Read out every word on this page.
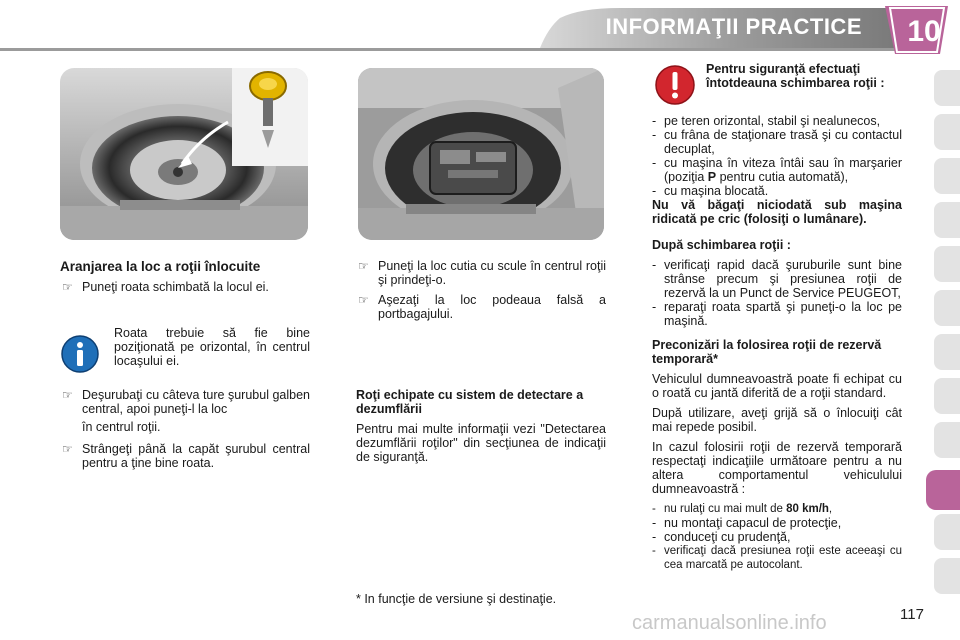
INFORMAŢII PRACTICE 10

Aranjarea la loc a roţii înlocuite

☞ Puneţi roata schimbată la locul ei.

Roata trebuie să fie bine poziţionată pe orizontal, în centrul locaşului ei.

☞ Deşurubaţi cu câteva ture şurubul galben central, apoi puneţi-l la loc
în centrul roţii.
☞ Strângeţi până la capăt şurubul central pentru a ţine bine roata.
☞ Puneţi la loc cutia cu scule în centrul roţii şi prindeţi-o.
☞ Aşezaţi la loc podeaua falsă a portbagajului.

Roţi echipate cu sistem de detectare a dezumflării

Pentru mai multe informaţii vezi "Detectarea dezumflării roţilor" din secţiunea de indicaţii de siguranţă.

* In funcţie de versiune şi destinaţie.

Pentru siguranţă efectuaţi întotdeauna schimbarea roţii :

- pe teren orizontal, stabil şi nealunecos,
- cu frâna de staţionare trasă şi cu contactul decuplat,
- cu maşina în viteza întâi sau în marşarier (poziţia P pentru cutia automată),
- cu maşina blocată.

Nu vă băgaţi niciodată sub maşina ridicată pe cric (folosiţi o lumânare).

După schimbarea roţii :

- verificaţi rapid dacă şuruburile sunt bine strânse precum şi presiunea roţii de rezervă la un Punct de Service PEUGEOT,
- reparaţi roata spartă şi puneţi-o la loc pe maşină.

Preconizări la folosirea roţii de rezervă temporară*

Vehiculul dumneavoastră poate fi echipat cu o roată cu jantă diferită de a roţii standard.

După utilizare, aveţi grijă să o înlocuiţi cât mai repede posibil.

In cazul folosirii roţii de rezervă temporară respectaţi indicaţiile următoare pentru a nu altera comportamentul vehiculului dumneavoastră :

- nu rulaţi cu mai mult de 80 km/h,
- nu montaţi capacul de protecţie,
- conduceţi cu prudenţă,
- verificaţi dacă presiunea roţii este aceeaşi cu cea marcată pe autocolant.
117
carmanualsonline.info
